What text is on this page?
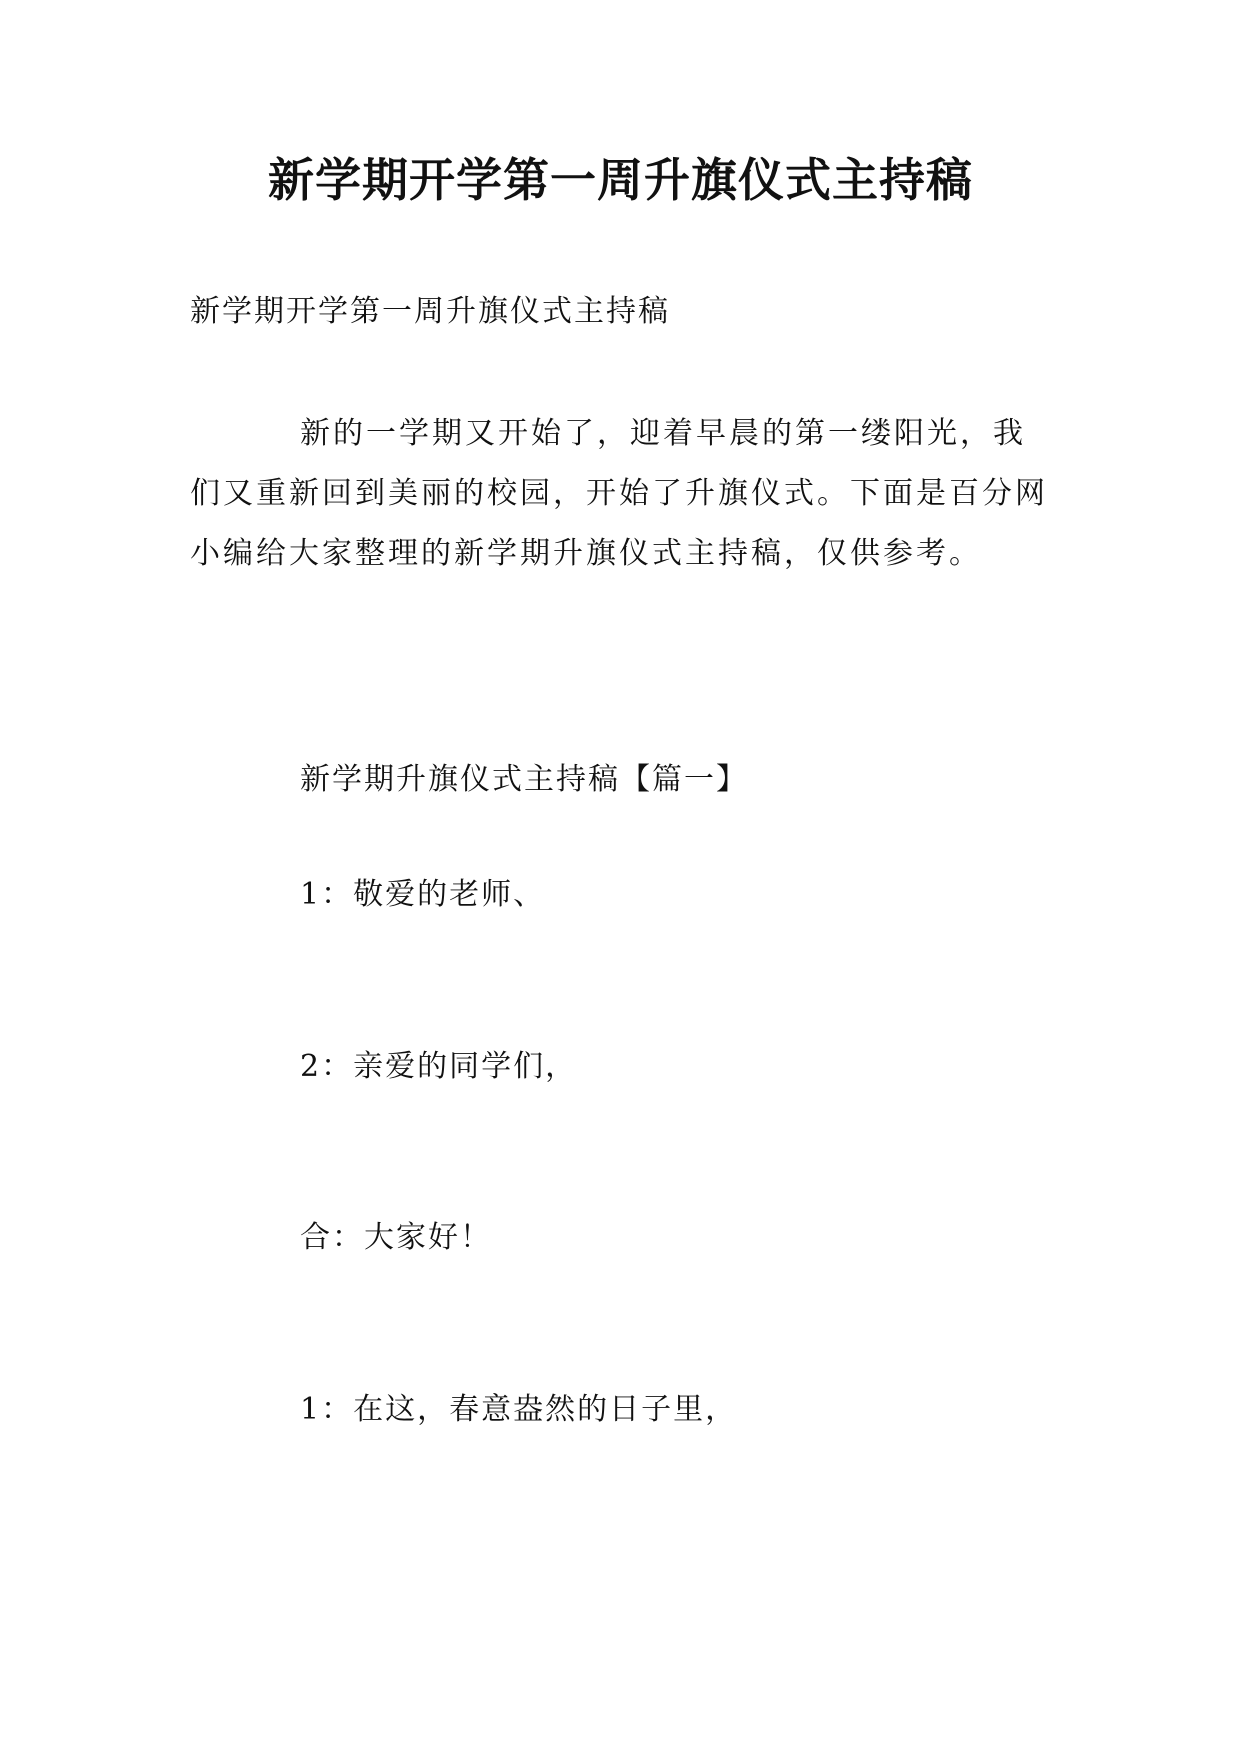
新学期开学第一周升旗仪式主持稿
新学期开学第一周升旗仪式主持稿
新的一学期又开始了，迎着早晨的第一缕阳光，我们又重新回到美丽的校园，开始了升旗仪式。下面是百分网小编给大家整理的新学期升旗仪式主持稿，仅供参考。
新学期升旗仪式主持稿【篇一】
1：敬爱的老师、
2：亲爱的同学们，
合：大家好！
1：在这，春意盎然的日子里，
